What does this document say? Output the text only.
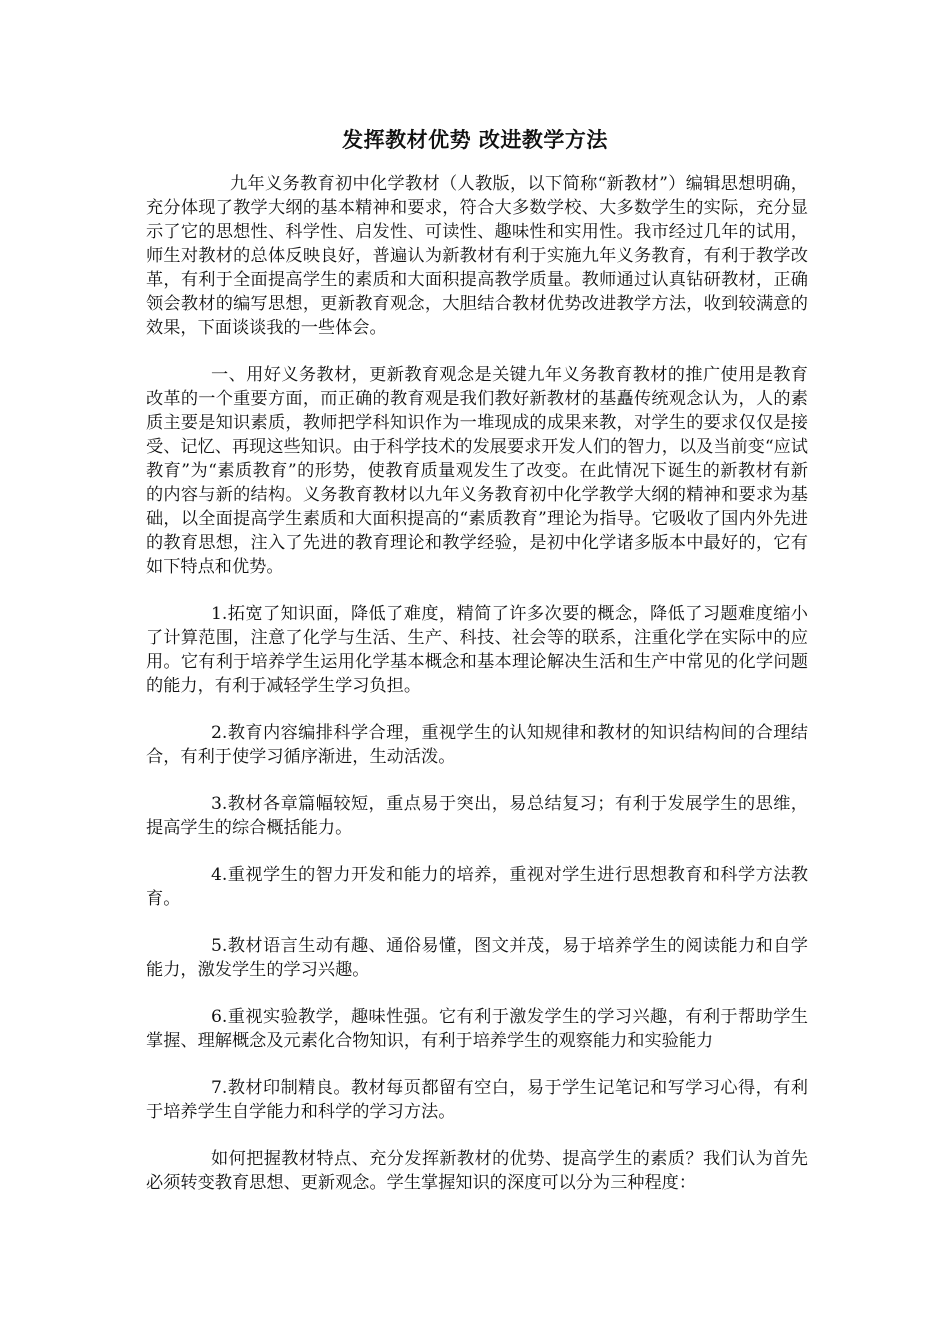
发挥教材优势 改进教学方法

九年义务教育初中化学教材（人教版，以下简称“新教材”）编辑思想明确，充分体现了教学大纲的基本精神和要求，符合大多数学校、大多数学生的实际，充分显示了它的思想性、科学性、启发性、可读性、趣味性和实用性。我市经过几年的试用，师生对教材的总体反映良好，普遍认为新教材有利于实施九年义务教育，有利于教学改革，有利于全面提高学生的素质和大面积提高教学质量。教师通过认真钻研教材，正确领会教材的编写思想，更新教育观念，大胆结合教材优势改进教学方法，收到较满意的效果，下面谈谈我的一些体会。

一、用好义务教材，更新教育观念是关键九年义务教育教材的推广使用是教育改革的一个重要方面，而正确的教育观是我们教好新教材的基矗传统观念认为，人的素质主要是知识素质，教师把学科知识作为一堆现成的成果来教，对学生的要求仅仅是接受、记忆、再现这些知识。由于科学技术的发展要求开发人们的智力，以及当前变“应试教育”为“素质教育”的形势，使教育质量观发生了改变。在此情况下诞生的新教材有新的内容与新的结构。义务教育教材以九年义务教育初中化学教学大纲的精神和要求为基础，以全面提高学生素质和大面积提高的“素质教育”理论为指导。它吸收了国内外先进的教育思想，注入了先进的教育理论和教学经验，是初中化学诸多版本中最好的，它有如下特点和优势。

1.拓宽了知识面，降低了难度，精简了许多次要的概念，降低了习题难度缩小了计算范围，注意了化学与生活、生产、科技、社会等的联系，注重化学在实际中的应用。它有利于培养学生运用化学基本概念和基本理论解决生活和生产中常见的化学问题的能力，有利于减轻学生学习负担。

2.教育内容编排科学合理，重视学生的认知规律和教材的知识结构间的合理结合，有利于使学习循序渐进，生动活泼。

3.教材各章篇幅较短，重点易于突出，易总结复习；有利于发展学生的思维，提高学生的综合概括能力。

4.重视学生的智力开发和能力的培养，重视对学生进行思想教育和科学方法教育。

5.教材语言生动有趣、通俗易懂，图文并茂，易于培养学生的阅读能力和自学能力，激发学生的学习兴趣。

6.重视实验教学，趣味性强。它有利于激发学生的学习兴趣，有利于帮助学生掌握、理解概念及元素化合物知识，有利于培养学生的观察能力和实验能力

7.教材印制精良。教材每页都留有空白，易于学生记笔记和写学习心得，有利于培养学生自学能力和科学的学习方法。

如何把握教材特点、充分发挥新教材的优势、提高学生的素质？我们认为首先必须转变教育思想、更新观念。学生掌握知识的深度可以分为三种程度：
